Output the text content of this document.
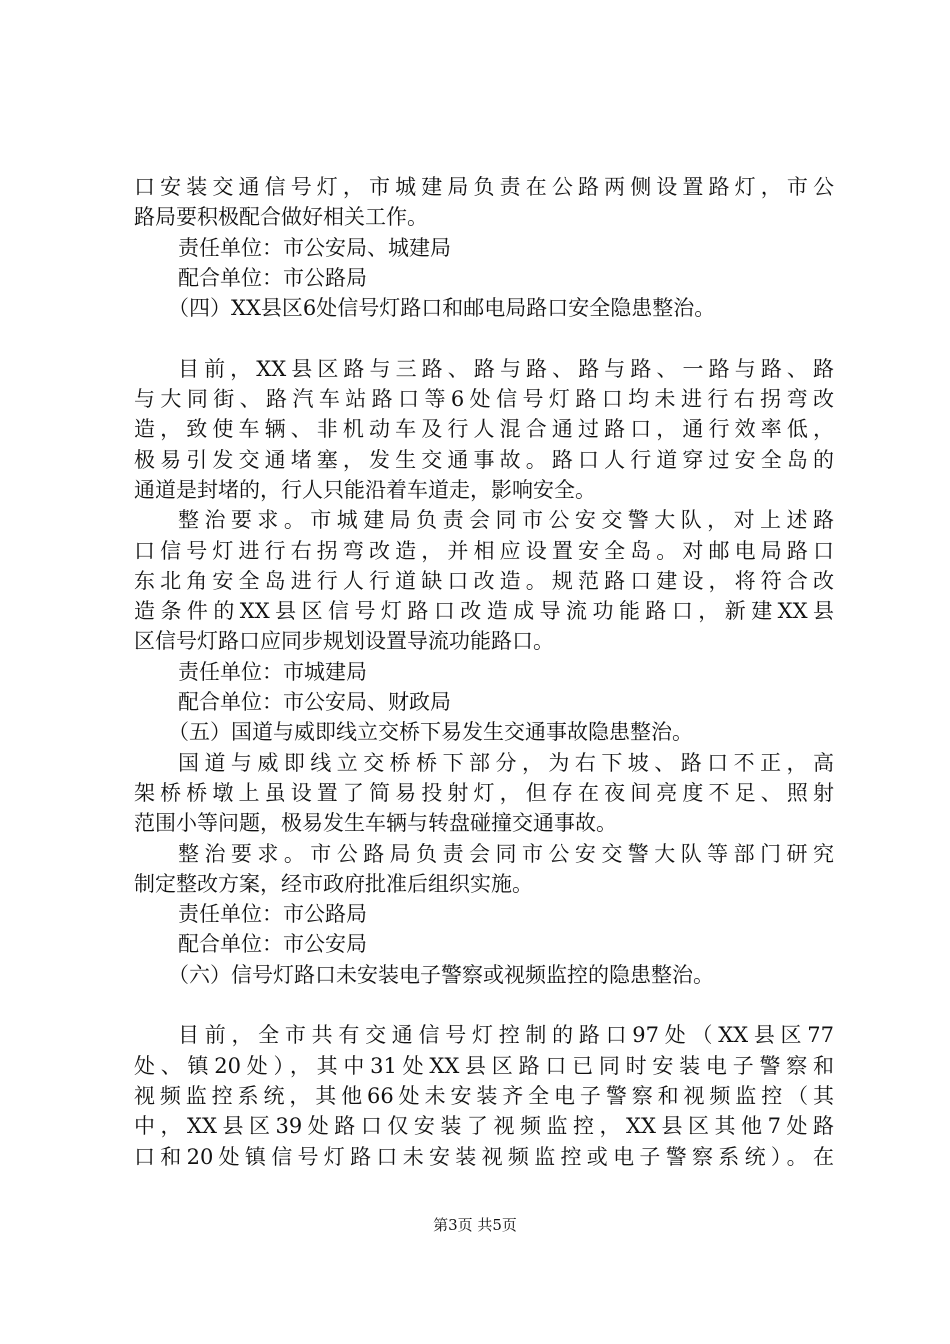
口安装交通信号灯，市城建局负责在公路两侧设置路灯，市公
路局要积极配合做好相关工作。
责任单位：市公安局、城建局
配合单位：市公路局
（四）XX县区6处信号灯路口和邮电局路口安全隐患整治。
目前，XX县区路与三路、路与路、路与路、一路与路、路
与大同街、路汽车站路口等6处信号灯路口均未进行右拐弯改
造，致使车辆、非机动车及行人混合通过路口，通行效率低，
极易引发交通堵塞，发生交通事故。路口人行道穿过安全岛的
通道是封堵的，行人只能沿着车道走，影响安全。
整治要求。市城建局负责会同市公安交警大队，对上述路
口信号灯进行右拐弯改造，并相应设置安全岛。对邮电局路口
东北角安全岛进行人行道缺口改造。规范路口建设，将符合改
造条件的XX县区信号灯路口改造成导流功能路口，新建XX县
区信号灯路口应同步规划设置导流功能路口。
责任单位：市城建局
配合单位：市公安局、财政局
（五）国道与威即线立交桥下易发生交通事故隐患整治。
国道与威即线立交桥桥下部分，为右下坡、路口不正，高
架桥桥墩上虽设置了简易投射灯，但存在夜间亮度不足、照射
范围小等问题，极易发生车辆与转盘碰撞交通事故。
整治要求。市公路局负责会同市公安交警大队等部门研究
制定整改方案，经市政府批准后组织实施。
责任单位：市公路局
配合单位：市公安局
（六）信号灯路口未安装电子警察或视频监控的隐患整治。
目前，全市共有交通信号灯控制的路口97处（XX县区77
处、镇20处），其中31处XX县区路口已同时安装电子警察和
视频监控系统，其他66处未安装齐全电子警察和视频监控（其
中，XX县区39处路口仅安装了视频监控，XX县区其他7处路
口和20处镇信号灯路口未安装视频监控或电子警察系统）。在
第3页 共5页
